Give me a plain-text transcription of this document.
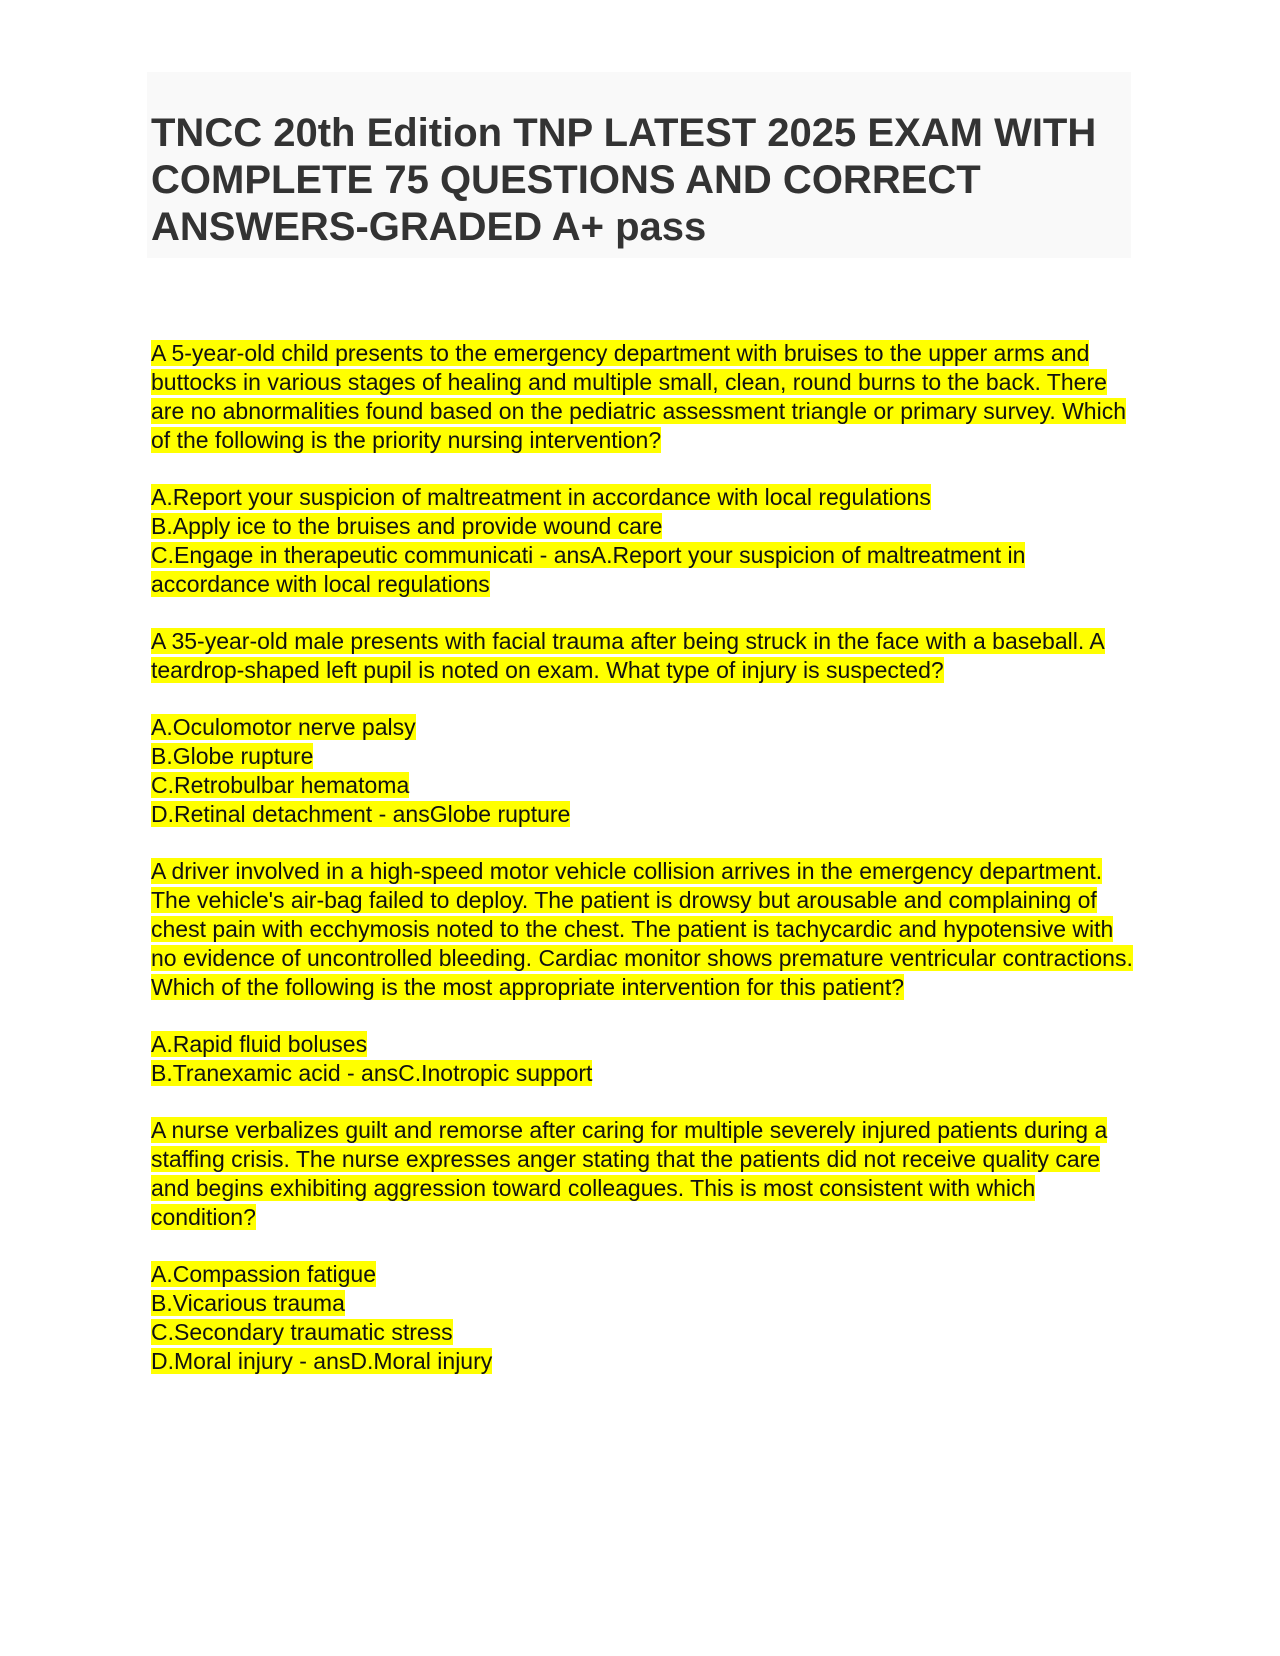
TNCC 20th Edition TNP LATEST 2025 EXAM WITH COMPLETE 75 QUESTIONS AND CORRECT ANSWERS-GRADED A+ pass

A 5-year-old child presents to the emergency department with bruises to the upper arms and buttocks in various stages of healing and multiple small, clean, round burns to the back. There are no abnormalities found based on the pediatric assessment triangle or primary survey. Which of the following is the priority nursing intervention?

A.Report your suspicion of maltreatment in accordance with local regulations
B.Apply ice to the bruises and provide wound care
C.Engage in therapeutic communicati - ansA.Report your suspicion of maltreatment in accordance with local regulations

A 35-year-old male presents with facial trauma after being struck in the face with a baseball. A teardrop-shaped left pupil is noted on exam. What type of injury is suspected?

A.Oculomotor nerve palsy
B.Globe rupture
C.Retrobulbar hematoma
D.Retinal detachment - ansGlobe rupture

A driver involved in a high-speed motor vehicle collision arrives in the emergency department. The vehicle's air-bag failed to deploy. The patient is drowsy but arousable and complaining of chest pain with ecchymosis noted to the chest. The patient is tachycardic and hypotensive with no evidence of uncontrolled bleeding. Cardiac monitor shows premature ventricular contractions. Which of the following is the most appropriate intervention for this patient?

A.Rapid fluid boluses
B.Tranexamic acid - ansC.Inotropic support

A nurse verbalizes guilt and remorse after caring for multiple severely injured patients during a staffing crisis. The nurse expresses anger stating that the patients did not receive quality care and begins exhibiting aggression toward colleagues. This is most consistent with which condition?

A.Compassion fatigue
B.Vicarious trauma
C.Secondary traumatic stress
D.Moral injury - ansD.Moral injury
